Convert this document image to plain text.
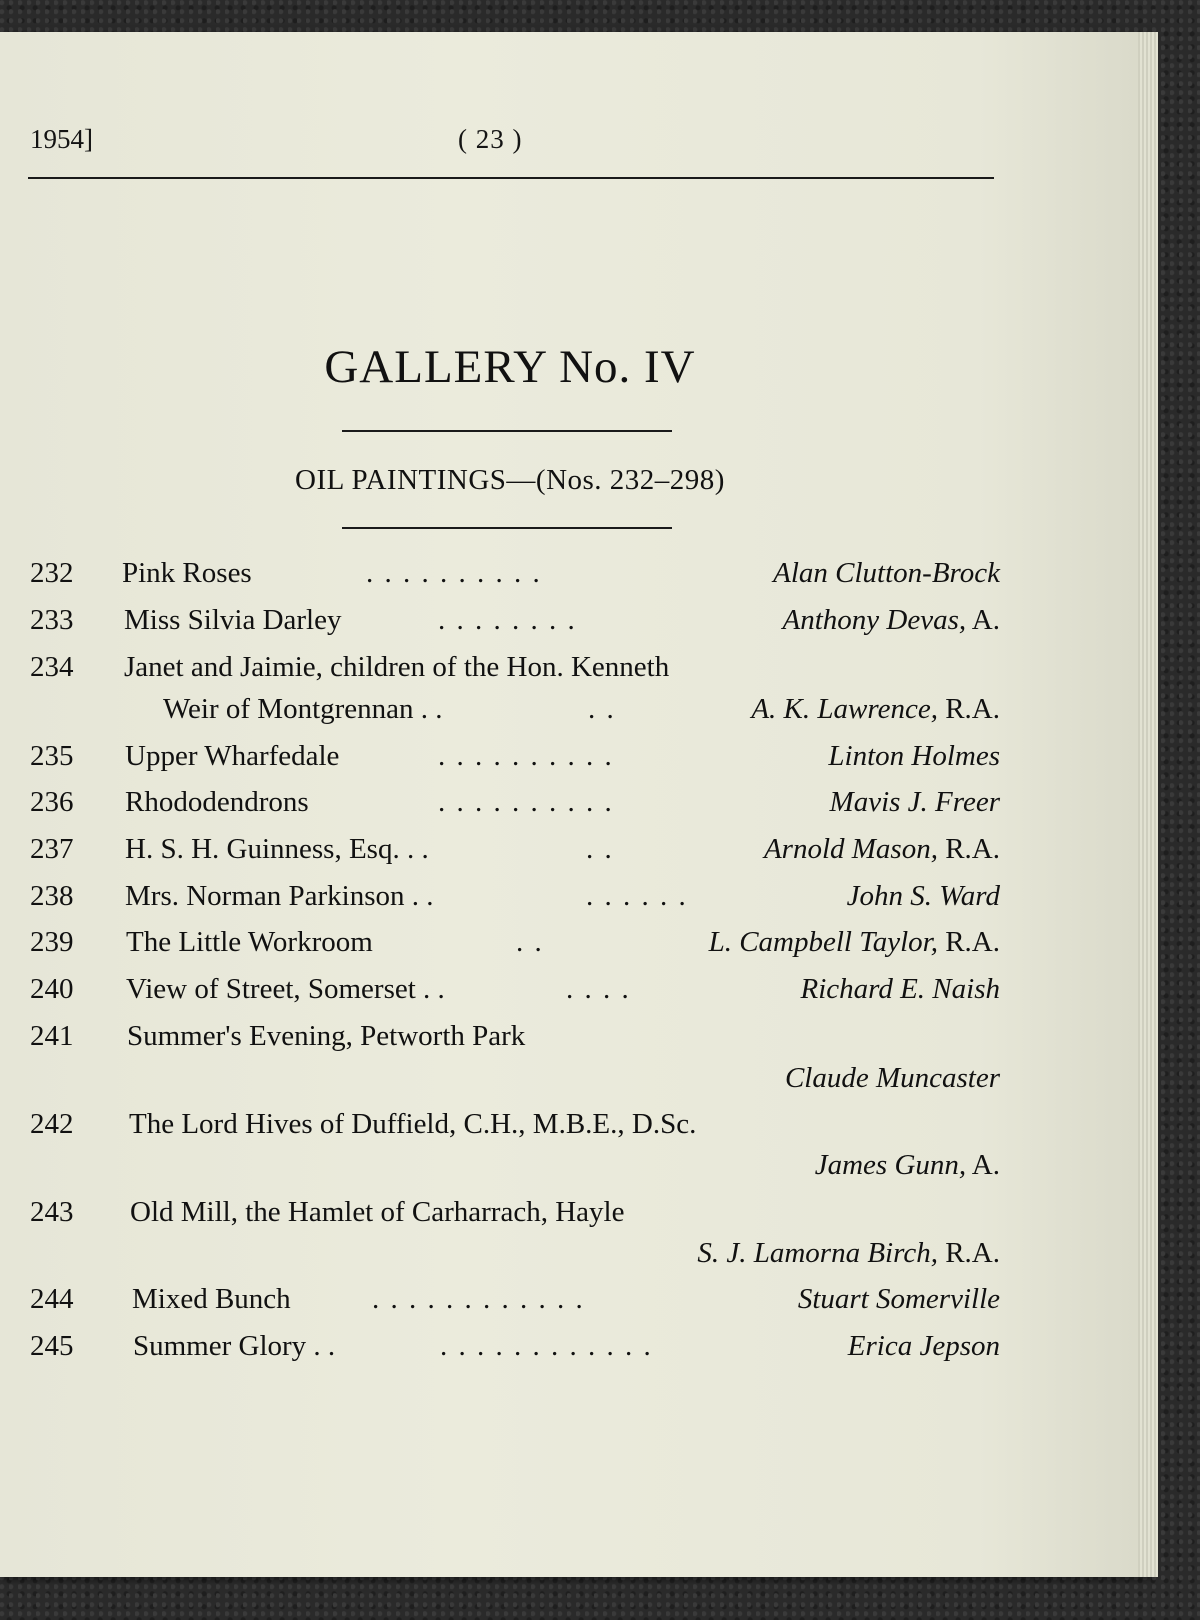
1954]	( 23 )
GALLERY No. IV
OIL PAINTINGS—(Nos. 232–298)
232 Pink Roses	. . . . . . . . . .	Alan Clutton-Brock
233 Miss Silvia Darley	. . . . . . . .	Anthony Devas, A.
234 Janet and Jaimie, children of the Hon. Kenneth
Weir of Montgrennan . .	. .	A. K. Lawrence, R.A.
235 Upper Wharfedale	. . . . . . . . . .	Linton Holmes
236 Rhododendrons	. . . . . . . . . .	Mavis J. Freer
237 H. S. H. Guinness, Esq. . .	. .	Arnold Mason, R.A.
238 Mrs. Norman Parkinson . .	. . . . . .	John S. Ward
239 The Little Workroom	. .	L. Campbell Taylor, R.A.
240 View of Street, Somerset . .	. . . .	Richard E. Naish
241 Summer's Evening, Petworth Park
Claude Muncaster
242 The Lord Hives of Duffield, C.H., M.B.E., D.Sc.
James Gunn, A.
243 Old Mill, the Hamlet of Carharrach, Hayle
S. J. Lamorna Birch, R.A.
244 Mixed Bunch	. . . . . . . . . . . .	Stuart Somerville
245 Summer Glory . .	. . . . . . . . . . . .	Erica Jepson
